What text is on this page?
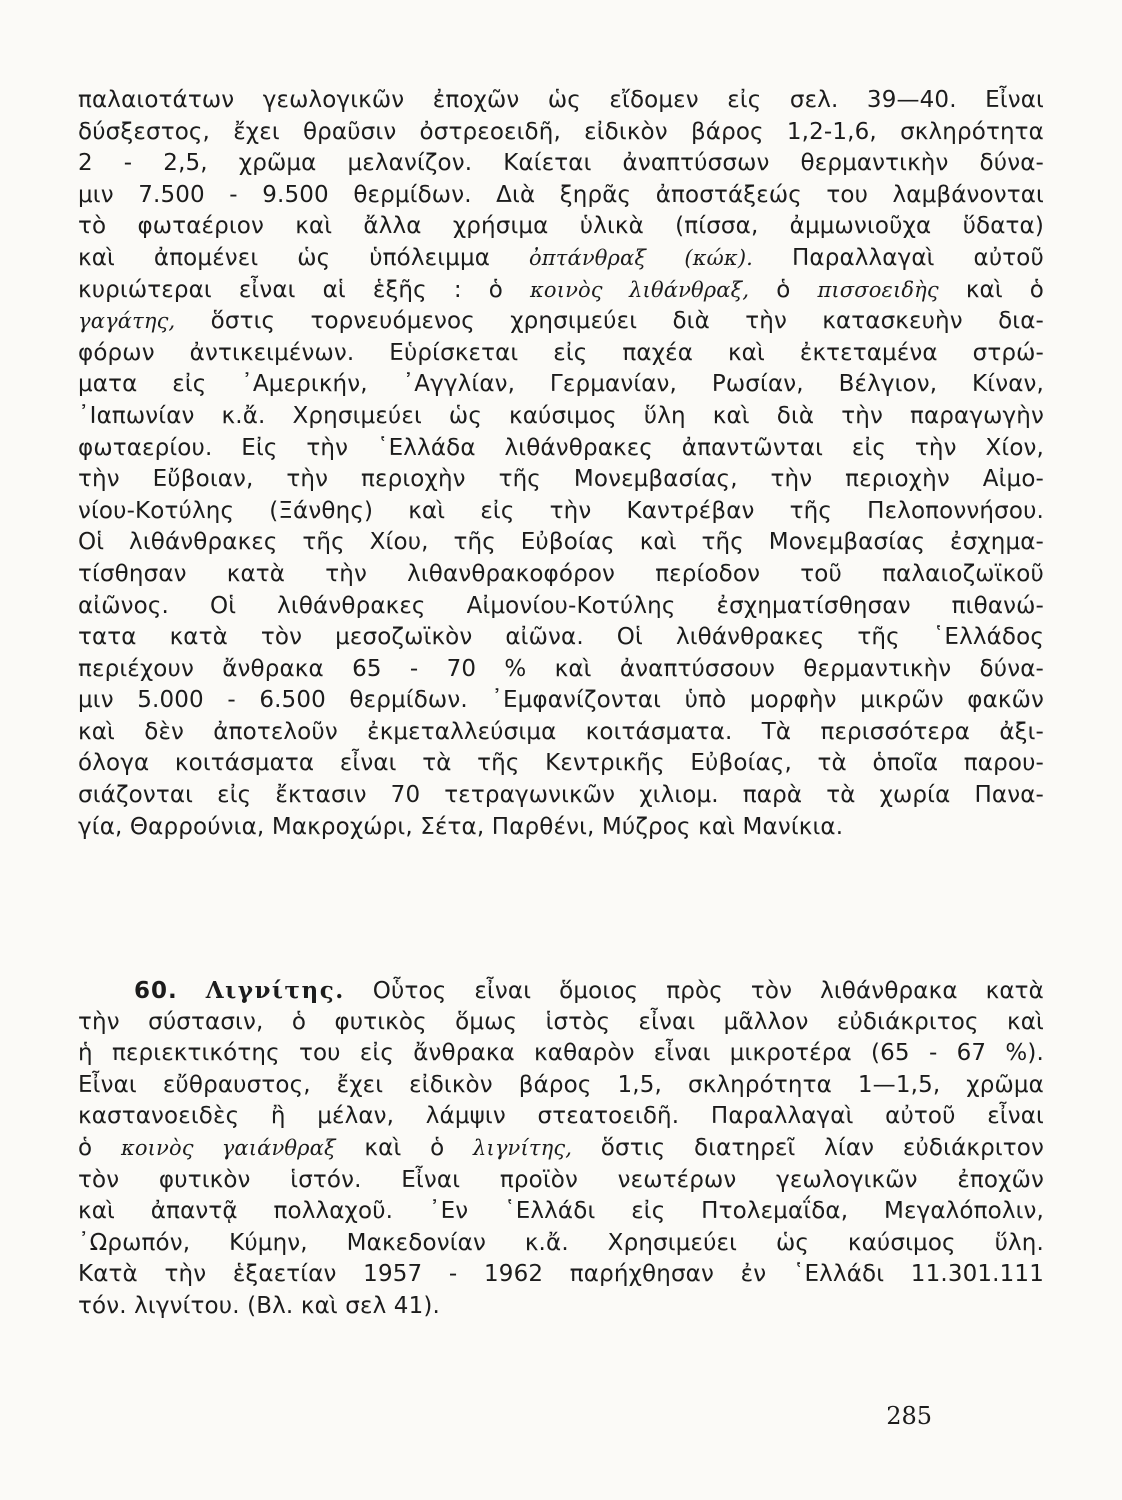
παλαιοτάτων γεωλογικῶν ἐποχῶν ὡς εἴδομεν εἰς σελ. 39—40. Εἶναι
δύσξεστος, ἔχει θραῦσιν ὀστρεοειδῆ, εἰδικὸν βάρος 1,2-1,6, σκληρότητα
2 - 2,5, χρῶμα μελανίζον. Καίεται ἀναπτύσσων θερμαντικὴν δύνα-
μιν 7.500 - 9.500 θερμίδων. Διὰ ξηρᾶς ἀποστάξεώς του λαμβάνονται
τὸ φωταέριον καὶ ἄλλα χρήσιμα ὑλικὰ (πίσσα, ἀμμωνιοῦχα ὕδατα)
καὶ ἀπομένει ὡς ὑπόλειμμα ὀπτάνθραξ (κώκ). Παραλλαγαὶ αὐτοῦ
κυριώτεραι εἶναι αἱ ἑξῆς : ὁ κοινὸς λιθάνθραξ, ὁ πισσοειδὴς καὶ ὁ
γαγάτης, ὅστις τορνευόμενος χρησιμεύει διὰ τὴν κατασκευὴν δια-
φόρων ἀντικειμένων. Εὑρίσκεται εἰς παχέα καὶ ἐκτεταμένα στρώ-
ματα εἰς ᾿Αμερικήν, ᾿Αγγλίαν, Γερμανίαν, Ρωσίαν, Βέλγιον, Κίναν,
᾿Ιαπωνίαν κ.ἄ. Χρησιμεύει ὡς καύσιμος ὕλη καὶ διὰ τὴν παραγωγὴν
φωταερίου. Εἰς τὴν ῾Ελλάδα λιθάνθρακες ἀπαντῶνται εἰς τὴν Χίον,
τὴν Εὔβοιαν, τὴν περιοχὴν τῆς Μονεμβασίας, τὴν περιοχὴν Αἰμο-
νίου-Κοτύλης (Ξάνθης) καὶ εἰς τὴν Καντρέβαν τῆς Πελοποννήσου.
Οἱ λιθάνθρακες τῆς Χίου, τῆς Εὐβοίας καὶ τῆς Μονεμβασίας ἐσχημα-
τίσθησαν κατὰ τὴν λιθανθρακοφόρον περίοδον τοῦ παλαιοζωϊκοῦ
αἰῶνος. Οἱ λιθάνθρακες Αἰμονίου-Κοτύλης ἐσχηματίσθησαν πιθανώ-
τατα κατὰ τὸν μεσοζωϊκὸν αἰῶνα. Οἱ λιθάνθρακες τῆς ῾Ελλάδος
περιέχουν ἄνθρακα 65 - 70 % καὶ ἀναπτύσσουν θερμαντικὴν δύνα-
μιν 5.000 - 6.500 θερμίδων. ᾿Εμφανίζονται ὑπὸ μορφὴν μικρῶν φακῶν
καὶ δὲν ἀποτελοῦν ἐκμεταλλεύσιμα κοιτάσματα. Τὰ περισσότερα ἀξι-
όλογα κοιτάσματα εἶναι τὰ τῆς Κεντρικῆς Εὐβοίας, τὰ ὁποῖα παρου-
σιάζονται εἰς ἔκτασιν 70 τετραγωνικῶν χιλιομ. παρὰ τὰ χωρία Πανα-
γία, Θαρρούνια, Μακροχώρι, Σέτα, Παρθένι, Μύζρος καὶ Μανίκια.
60. Λιγνίτης. Οὗτος εἶναι ὅμοιος πρὸς τὸν λιθάνθρακα κατὰ
τὴν σύστασιν, ὁ φυτικὸς ὅμως ἱστὸς εἶναι μᾶλλον εὐδιάκριτος καὶ
ἡ περιεκτικότης του εἰς ἄνθρακα καθαρὸν εἶναι μικροτέρα (65 - 67 %).
Εἶναι εὔθραυστος, ἔχει εἰδικὸν βάρος 1,5, σκληρότητα 1—1,5, χρῶμα
καστανοειδὲς ἢ μέλαν, λάμψιν στεατοειδῆ. Παραλλαγαὶ αὐτοῦ εἶναι
ὁ κοινὸς γαιάνθραξ καὶ ὁ λιγνίτης, ὅστις διατηρεῖ λίαν εὐδιάκριτον
τὸν φυτικὸν ἱστόν. Εἶναι προϊὸν νεωτέρων γεωλογικῶν ἐποχῶν
καὶ ἀπαντᾷ πολλαχοῦ. ᾿Εν ῾Ελλάδι εἰς Πτολεμαΐδα, Μεγαλόπολιν,
᾿Ωρωπόν, Κύμην, Μακεδονίαν κ.ἄ. Χρησιμεύει ὡς καύσιμος ὕλη.
Κατὰ τὴν ἑξαετίαν 1957 - 1962 παρήχθησαν ἐν ῾Ελλάδι 11.301.111
τόν. λιγνίτου. (Βλ. καὶ σελ 41).
285
